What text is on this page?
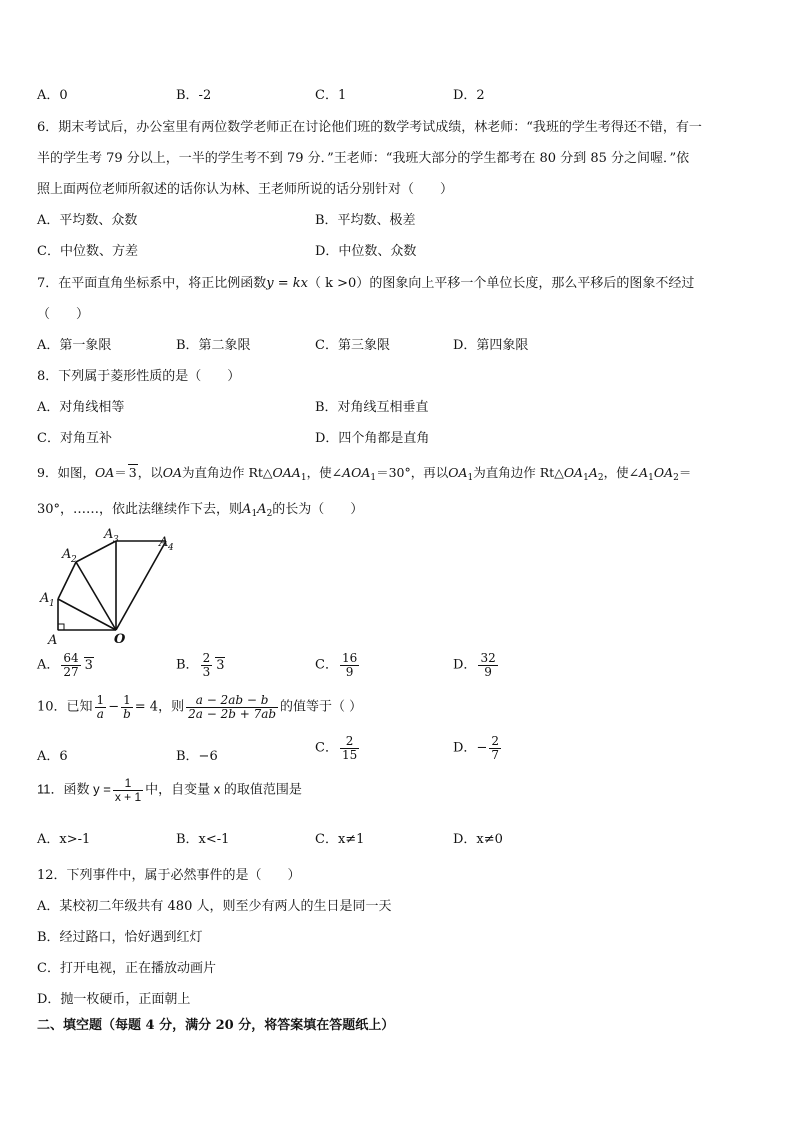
A．0	B．-2	C．1	D．2
6．期末考试后，办公室里有两位数学老师正在讨论他们班的数学考试成绩，林老师：“我班的学生考得还不错，有一
半的学生考 79 分以上，一半的学生考不到 79 分．”王老师：“我班大部分的学生都考在 80 分到 85 分之间喔．”依
照上面两位老师所叙述的话你认为林、王老师所说的话分别针对（　　）
A．平均数、众数	B．平均数、极差
C．中位数、方差	D．中位数、众数
7．在平面直角坐标系中，将正比例函数y = kx（ k >0）的图象向上平移一个单位长度，那么平移后的图象不经过
（　　）
A．第一象限	B．第二象限	C．第三象限	D．第四象限
8．下列属于菱形性质的是（　　）
A．对角线相等	B．对角线互相垂直
C．对角互补	D．四个角都是直角
9．如图，OA＝ 3，以OA为直角边作 $Rt\triangle OAA_1$，使$\angle AOA_1=30^\circ$，再以$OA_1$为直角边作 $Rt\triangle OA_1A_2$，使$\angle A_1OA_2=$
30°，……，依此法继续作下去，则$A_1A_2$的长为（　　）
A
A 1
A 2
A 3	A 4
O
A． $\frac{64}{27} 3$	B． $\frac{2}{3} 3$	C． $\frac{16}{9}$	D． $\frac{32}{9}$
10．已知 $\frac{1}{a} - \frac{1}{b} = 4$，则 $\frac{a - 2ab - b}{2a - 2b + 7ab}$ 的值等于（ ）
A．6	B．−6
C． $\frac{2}{15}$	D．− $\frac{2}{7}$
11．函数 $y = \frac{1}{x + 1}$ 中，自变量 x 的取值范围是
A．x>-1	B．x<-1	C．x≠1	D．x≠0
12．下列事件中，属于必然事件的是（　　）
A．某校初二年级共有 480 人，则至少有两人的生日是同一天
B．经过路口，恰好遇到红灯
C．打开电视，正在播放动画片
D．抛一枚硬币，正面朝上
二、填空题（每题 4 分，满分 20 分，将答案填在答题纸上）
